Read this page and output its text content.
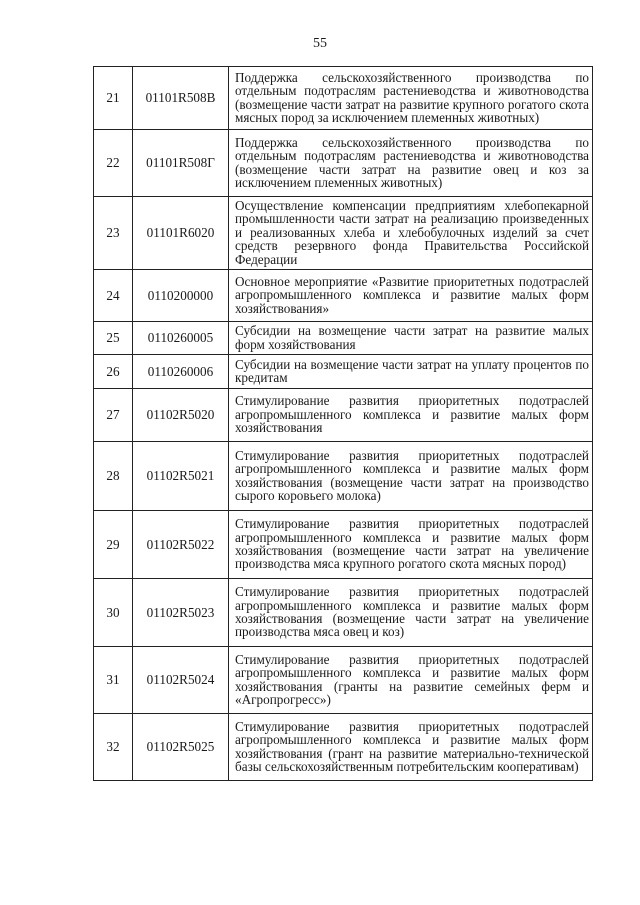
55
21	01101R508В	Поддержка сельскохозяйственного производства по отдельным подотраслям растениеводства и животноводства (возмещение части затрат на развитие крупного рогатого скота мясных пород за исключением племенных животных)
22	01101R508Г	Поддержка сельскохозяйственного производства по отдельным подотраслям растениеводства и животноводства (возмещение части затрат на развитие овец и коз за исключением племенных животных)
23	01101R6020	Осуществление компенсации предприятиям хлебопекарной промышленности части затрат на реализацию произведенных и реализованных хлеба и хлебобулочных изделий за счет средств резервного фонда Правительства Российской Федерации
24	0110200000	Основное мероприятие «Развитие приоритетных подотраслей агропромышленного комплекса и развитие малых форм хозяйствования»
25	0110260005	Субсидии на возмещение части затрат на развитие малых форм хозяйствования
26	0110260006	Субсидии на возмещение части затрат на уплату процентов по кредитам
27	01102R5020	Стимулирование развития приоритетных подотраслей агропромышленного комплекса и развитие малых форм хозяйствования
28	01102R5021	Стимулирование развития приоритетных подотраслей агропромышленного комплекса и развитие малых форм хозяйствования (возмещение части затрат на производство сырого коровьего молока)
29	01102R5022	Стимулирование развития приоритетных подотраслей агропромышленного комплекса и развитие малых форм хозяйствования (возмещение части затрат на увеличение производства мяса крупного рогатого скота мясных пород)
30	01102R5023	Стимулирование развития приоритетных подотраслей агропромышленного комплекса и развитие малых форм хозяйствования (возмещение части затрат на увеличение производства мяса овец и коз)
31	01102R5024	Стимулирование развития приоритетных подотраслей агропромышленного комплекса и развитие малых форм хозяйствования (гранты на развитие семейных ферм и «Агропрогресс»)
32	01102R5025	Стимулирование развития приоритетных подотраслей агропромышленного комплекса и развитие малых форм хозяйствования (грант на развитие материально-технической базы сельскохозяйственным потребительским кооперативам)
